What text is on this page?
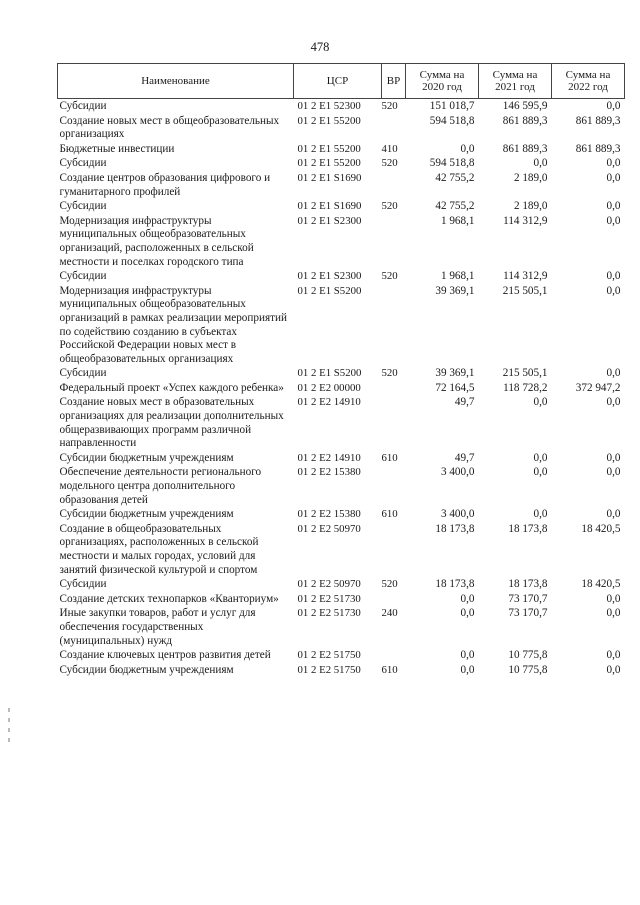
478
Наименование	ЦСР	ВР	Сумма на 2020 год	Сумма на 2021 год	Сумма на 2022 год
Субсидии	01 2 E1 52300	520	151 018,7	146 595,9	0,0
Создание новых мест в общеобразовательных организациях	01 2 E1 55200		594 518,8	861 889,3	861 889,3
Бюджетные инвестиции	01 2 E1 55200	410	0,0	861 889,3	861 889,3
Субсидии	01 2 E1 55200	520	594 518,8	0,0	0,0
Создание центров образования цифрового и гуманитарного профилей	01 2 E1 S1690		42 755,2	2 189,0	0,0
Субсидии	01 2 E1 S1690	520	42 755,2	2 189,0	0,0
Модернизация инфраструктуры муниципальных общеобразовательных организаций, расположенных в сельской местности и поселках городского типа	01 2 E1 S2300		1 968,1	114 312,9	0,0
Субсидии	01 2 E1 S2300	520	1 968,1	114 312,9	0,0
Модернизация инфраструктуры муниципальных общеобразовательных организаций в рамках реализации мероприятий по содействию созданию в субъектах Российской Федерации новых мест в общеобразовательных организациях	01 2 E1 S5200		39 369,1	215 505,1	0,0
Субсидии	01 2 E1 S5200	520	39 369,1	215 505,1	0,0
Федеральный проект «Успех каждого ребенка»	01 2 E2 00000		72 164,5	118 728,2	372 947,2
Создание новых мест в образовательных организациях для реализации дополнительных общеразвивающих программ различной направленности	01 2 E2 14910		49,7	0,0	0,0
Субсидии бюджетным учреждениям	01 2 E2 14910	610	49,7	0,0	0,0
Обеспечение деятельности регионального модельного центра дополнительного образования детей	01 2 E2 15380		3 400,0	0,0	0,0
Субсидии бюджетным учреждениям	01 2 E2 15380	610	3 400,0	0,0	0,0
Создание в общеобразовательных организациях, расположенных в сельской местности и малых городах, условий для занятий физической культурой и спортом	01 2 E2 50970		18 173,8	18 173,8	18 420,5
Субсидии	01 2 E2 50970	520	18 173,8	18 173,8	18 420,5
Создание детских технопарков «Кванториум»	01 2 E2 51730		0,0	73 170,7	0,0
Иные закупки товаров, работ и услуг для обеспечения государственных (муниципальных) нужд	01 2 E2 51730	240	0,0	73 170,7	0,0
Создание ключевых центров развития детей	01 2 E2 51750		0,0	10 775,8	0,0
Субсидии бюджетным учреждениям	01 2 E2 51750	610	0,0	10 775,8	0,0
